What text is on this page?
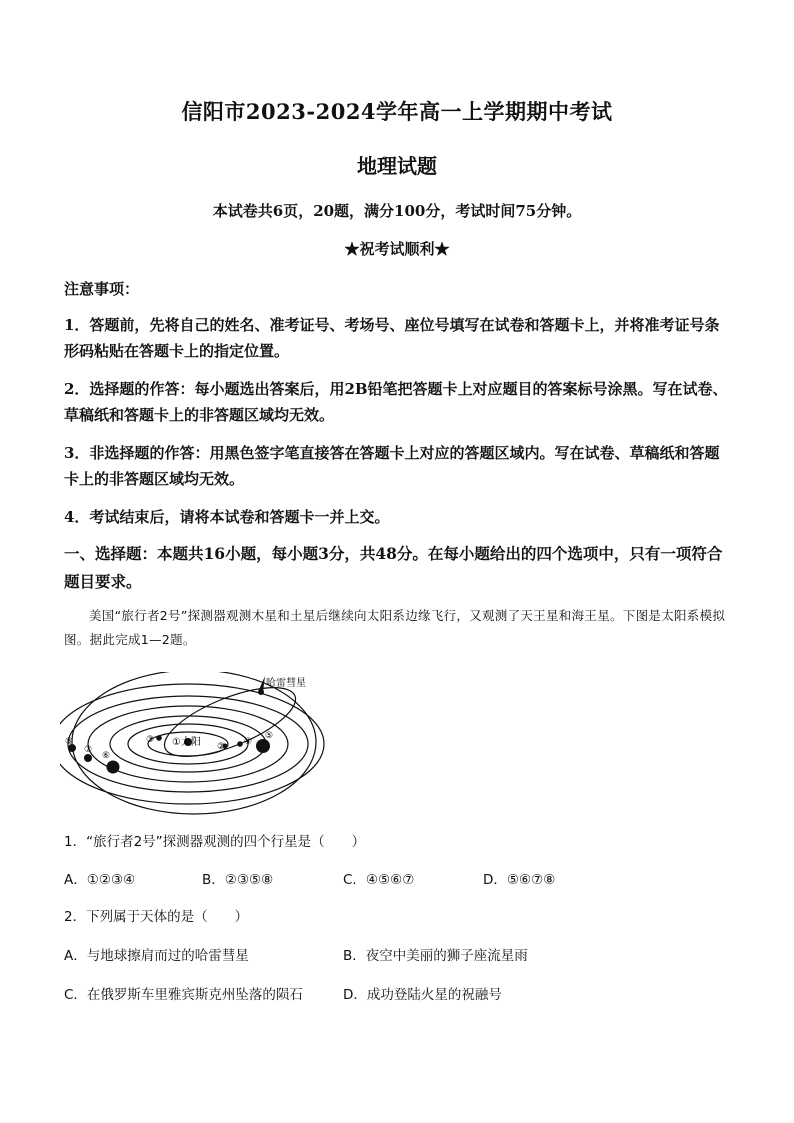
信阳市2023-2024学年高一上学期期中考试
地理试题
本试卷共6页，20题，满分100分，考试时间75分钟。
★祝考试顺利★
注意事项：
1．答题前，先将自己的姓名、准考证号、考场号、座位号填写在试卷和答题卡上，并将准考证号条形码粘贴在答题卡上的指定位置。
2．选择题的作答：每小题选出答案后，用2B铅笔把答题卡上对应题目的答案标号涂黑。写在试卷、草稿纸和答题卡上的非答题区域均无效。
3．非选择题的作答：用黑色签字笔直接答在答题卡上对应的答题区域内。写在试卷、草稿纸和答题卡上的非答题区域均无效。
4．考试结束后，请将本试卷和答题卡一并上交。
一、选择题：本题共16小题，每小题3分，共48分。在每小题给出的四个选项中，只有一项符合题目要求。
美国“旅行者2号”探测器观测木星和土星后继续向太阳系边缘飞行，又观测了天王星和海王星。下图是太阳系模拟图。据此完成1—2题。
哈雷彗星
①太阳 ②
③	④
⑤
⑥
⑦
⑧
1．“旅行者2号”探测器观测的四个行星是（　　）
A．①②③④	B．②③⑤⑧	C．④⑤⑥⑦	D．⑤⑥⑦⑧
2．下列属于天体的是（　　）
A．与地球擦肩而过的哈雷彗星	B．夜空中美丽的狮子座流星雨
C．在俄罗斯车里雅宾斯克州坠落的陨石	D．成功登陆火星的祝融号
